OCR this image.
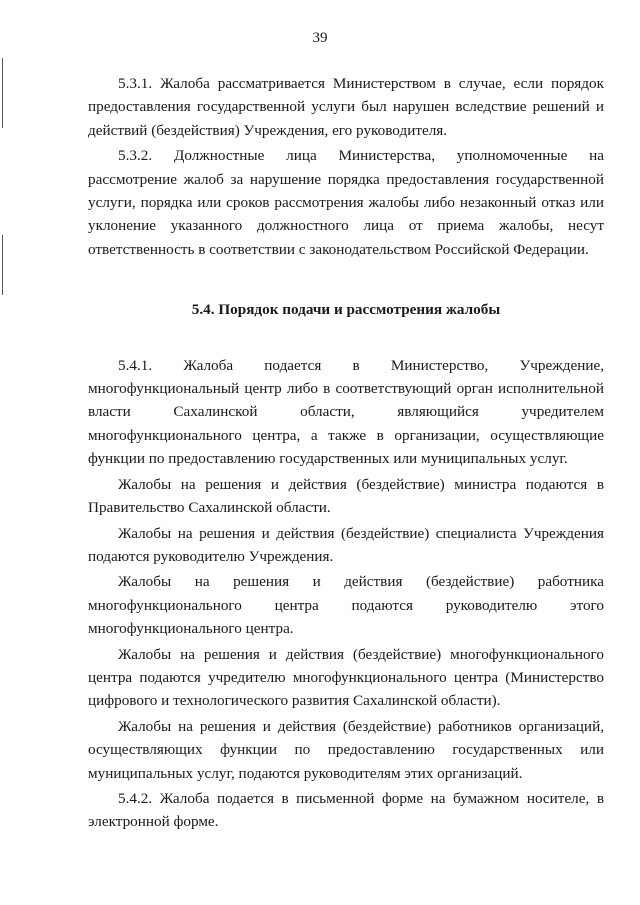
39

5.3.1. Жалоба рассматривается Министерством в случае, если порядок предоставления государственной услуги был нарушен вследствие решений и действий (бездействия) Учреждения, его руководителя.

5.3.2. Должностные лица Министерства, уполномоченные на рассмотрение жалоб за нарушение порядка предоставления государственной услуги, порядка или сроков рассмотрения жалобы либо незаконный отказ или уклонение указанного должностного лица от приема жалобы, несут ответственность в соответствии с законодательством Российской Федерации.

5.4. Порядок подачи и рассмотрения жалобы

5.4.1. Жалоба подается в Министерство, Учреждение, многофункциональный центр либо в соответствующий орган исполнительной власти Сахалинской области, являющийся учредителем многофункционального центра, а также в организации, осуществляющие функции по предоставлению государственных или муниципальных услуг.

Жалобы на решения и действия (бездействие) министра подаются в Правительство Сахалинской области.

Жалобы на решения и действия (бездействие) специалиста Учреждения подаются руководителю Учреждения.

Жалобы на решения и действия (бездействие) работника многофункционального центра подаются руководителю этого многофункционального центра.

Жалобы на решения и действия (бездействие) многофункционального центра подаются учредителю многофункционального центра (Министерство цифрового и технологического развития Сахалинской области).

Жалобы на решения и действия (бездействие) работников организаций, осуществляющих функции по предоставлению государственных или муниципальных услуг, подаются руководителям этих организаций.

5.4.2. Жалоба подается в письменной форме на бумажном носителе, в электронной форме.
